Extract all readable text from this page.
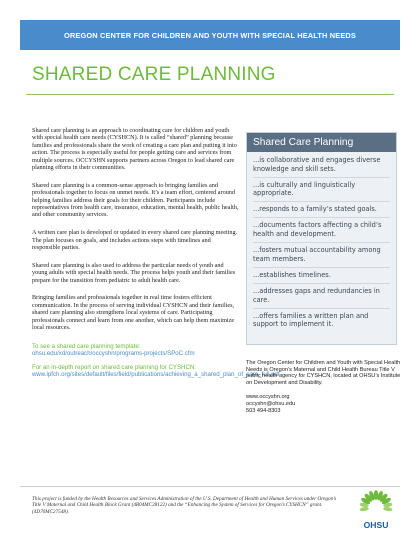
OREGON CENTER FOR CHILDREN AND YOUTH WITH SPECIAL HEALTH NEEDS
SHARED CARE PLANNING

Shared care planning is an approach to coordinating care for children and youth with special health care needs (CYSHCN). It is called “shared” planning because families and professionals share the work of creating a care plan and putting it into action. The process is especially useful for people getting care and services from multiple sources. OCCYSHN supports partners across Oregon to lead shared care planning efforts in their communities.

Shared care planning is a common-sense approach to bringing families and professionals together to focus on unmet needs. It’s a team effort, centered around helping families address their goals for their children. Participants include representatives from health care, insurance, education, mental health, public health, and other community services.

A written care plan is developed or updated in every shared care planning meeting. The plan focuses on goals, and includes actions steps with timelines and responsible parties.

Shared care planning is also used to address the particular needs of youth and young adults with special health needs. The process helps youth and their families prepare for the transition from pediatric to adult health care.

Bringing families and professionals together in real time fosters efficient communication. In the process of serving individual CYSHCN and their families, shared care planning also strengthens local systems of care. Participating professionals connect and learn from one another, which can help them maximize local resources.

To see a shared care planning template:
ohsu.edu/xd/outreach/occyshn/programs-projects/SPoC.cfm
For an in-depth report on shared care planning for CYSHCN:
www.lpfch.org/sites/default/files/field/publications/achieving_a_shared_plan_of_care_full.pdf
Shared Care Planning
...is collaborative and engages diverse knowledge and skill sets.
...is culturally and linguistically appropriate.
...responds to a family’s stated goals.
...documents factors affecting a child’s health and development.
...fosters mutual accountability among team members.
...establishes timelines.
...addresses gaps and redundancies in care.
...offers families a written plan and support to implement it.
The Oregon Center for Children and Youth with Special Health Needs is Oregon’s Maternal and Child Health Bureau Title V public health agency for CYSHCN, located at OHSU’s Institute on Development and Disability.
www.occyshn.org
occyshn@ohsu.edu
503 494-8303
This project is funded by the Health Resources and Services Administration of the U.S. Department of Health and Human Services under Oregon’s Title V Maternal and Child Health Block Grant (4B04MC28122) and the “Enhancing the System of Services for Oregon’s CYSHCN” grant. (4D70MC27548).
OHSU
